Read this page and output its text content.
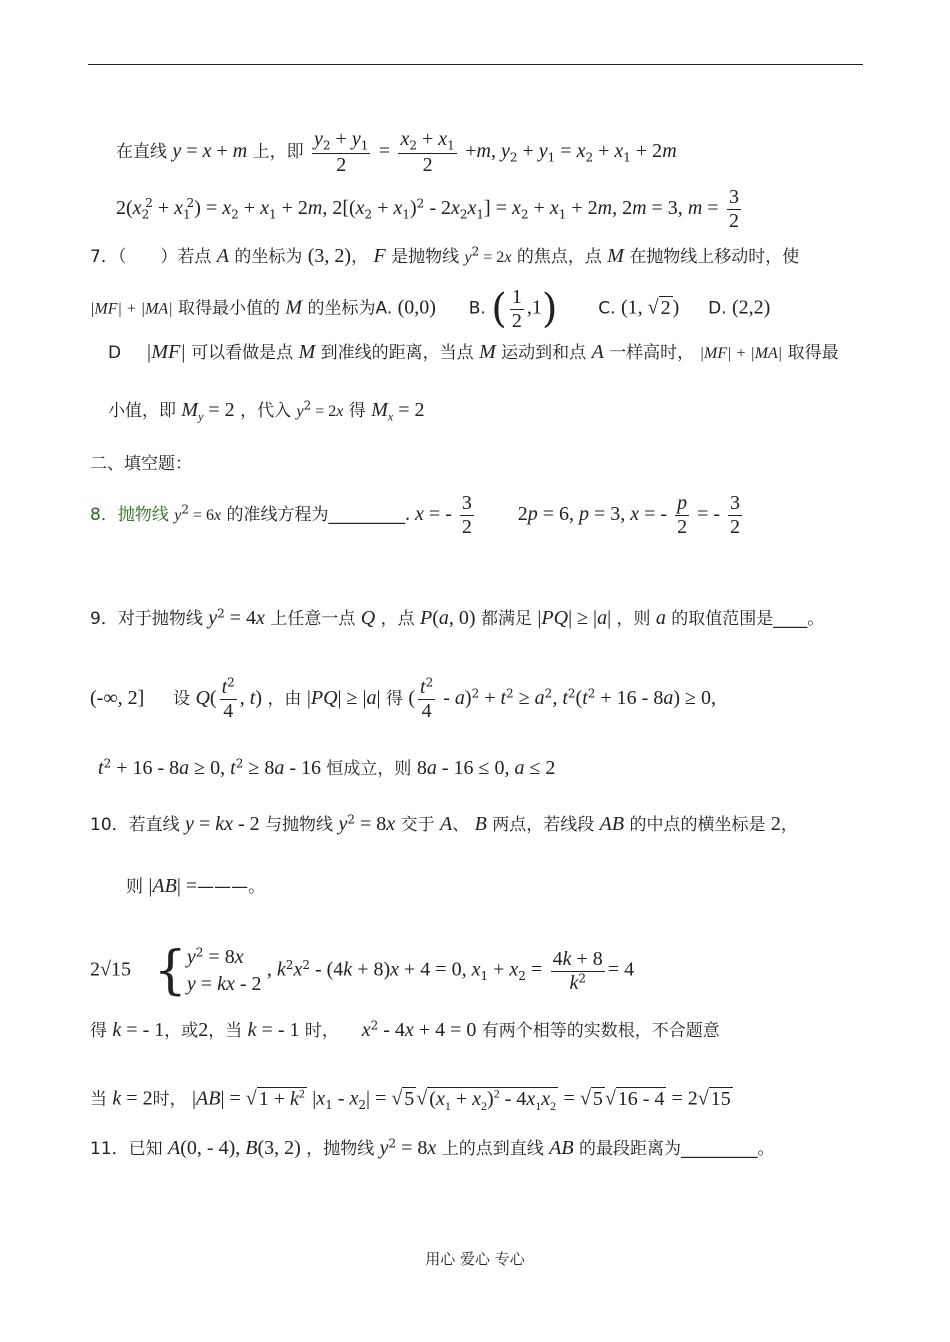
在直线 y = x + m 上，即 $\frac{y_2 + y_1}{2} = \frac{x_2 + x_1}{2} +m$, $y_2 + y_1 = x_2 + x_1 + 2m$
$2(x_2^2 + x_1^2) = x_2 + x_1 + 2m$, $2[(x_2 + x_1)^2 - 2x_2x_1] = x_2 + x_1 + 2m$, 2m = 3, $m = \frac{3}{2}$
7．（　　）若点 A 的坐标为 (3, 2)， F 是抛物线 $y^2 = 2x$ 的焦点，点 M 在抛物线上移动时，使
|MF| + |MA| 取得最小值的 M 的坐标为A. (0,0) B. ( $\frac{1}{2} ,1$) C. (1, √ 2 ) D. (2,2)
D |MF| 可以看做是点 M 到准线的距离，当点 M 运动到和点 A 一样高时， |MF| + |MA| 取得最
小值，即 $M_y = 2$ ，代入 $y^2 = 2x$ 得 $M_x = 2$
二、填空题：
8．抛物线 $y^2 = 6x$ 的准线方程为_________. x = - $\frac{3}{2} 2p = 6$, p = 3, x = - $\frac{p}{2}$ = - $\frac{3}{2}$
9．对于抛物线 $y^2 = 4x$ 上任意一点 Q ，点 P(a, 0) 都满足 |PQ| ≥ |a| ，则 a 的取值范围是____。
(-∞, 2] 设 $Q( \frac{t^2}{4}$ , t) ，由 |PQ| ≥ |a| 得 ( $\frac{t^2}{4} - a)^2 + t^2 \ge a^2$, $t^2(t^2 + 16 - 8a) \ge 0$,
$t^2 + 16 - 8a \ge 0$, $t^2 \ge 8a - 16$ 恒成立，则 8a - 16 ≤ 0, a ≤ 2
10．若直线 y = kx - 2 与抛物线 $y^2 = 8x$ 交于 A、 B 两点，若线段 AB 的中点的横坐标是 2，
则 |AB| =———。
2√15 { $y^2 = 8x$
y = kx - 2
, $k^2x^2 - (4k + 8)x + 4 = 0$, $x_1 + x_2 = \frac{4k + 8}{k^2} = 4$
得 k = - 1，或2，当 k = - 1 时， $x^2 - 4x + 4 = 0$ 有两个相等的实数根，不合题意
当 k = 2时， |AB| = √ $1 + k^2$ $|x_1 - x_2|$ = √ 5 √ $(x_1 + x_2)^2 - 4x_1x_2$ = √ 5 √ 16 - 4 = 2√ 15
11．已知 A(0, - 4), B(3, 2) ，抛物线 $y^2 = 8x$ 上的点到直线 AB 的最段距离为_________。
用心 爱心 专心
